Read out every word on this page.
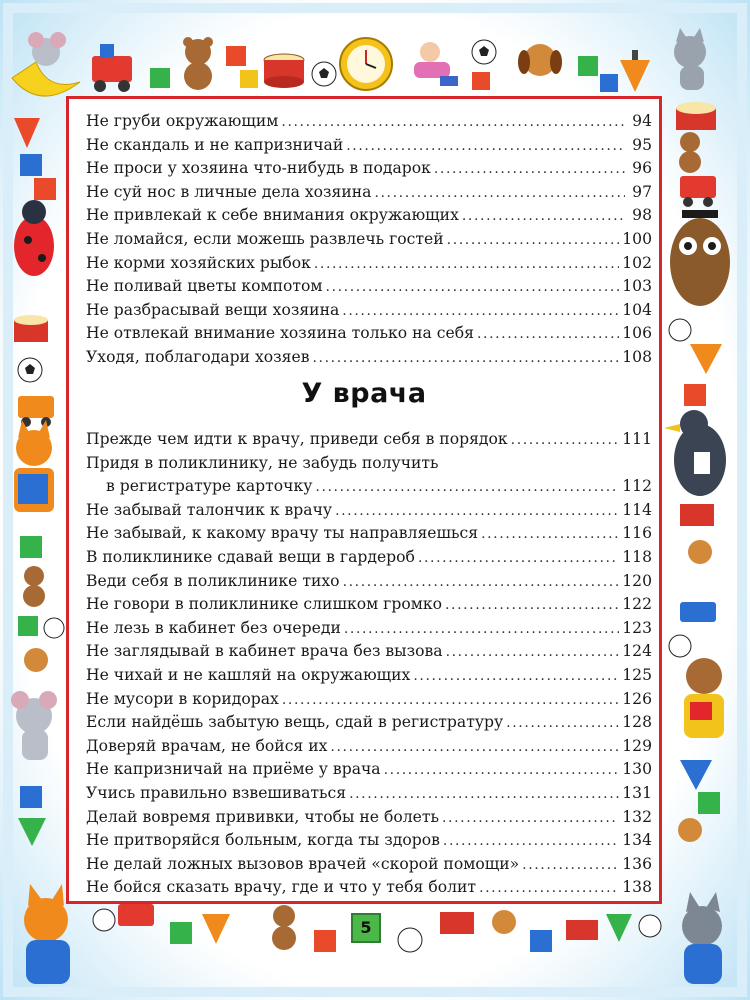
Не груби окружающим .....	94
Не скандаль и не капризничай .....	95
Не проси у хозяина что-нибудь в подарок .....	96
Не суй нос в личные дела хозяина .....	97
Не привлекай к себе внимания окружающих .....	98
Не ломайся, если можешь развлечь гостей .....	100
Не корми хозяйских рыбок .....	102
Не поливай цветы компотом .....	103
Не разбрасывай вещи хозяина .....	104
Не отвлекай внимание хозяина только на себя .....	106
Уходя, поблагодари хозяев .....	108
У врача
Прежде чем идти к врачу, приведи себя в порядок .....	111
Придя в поликлинику, не забудь получить
в регистратуре карточку .....	112
Не забывай талончик к врачу .....	114
Не забывай, к какому врачу ты направляешься .....	116
В поликлинике сдавай вещи в гардероб .....	118
Веди себя в поликлинике тихо .....	120
Не говори в поликлинике слишком громко .....	122
Не лезь в кабинет без очереди .....	123
Не заглядывай в кабинет врача без вызова .....	124
Не чихай и не кашляй на окружающих .....	125
Не мусори в коридорах .....	126
Если найдёшь забытую вещь, сдай в регистратуру .....	128
Доверяй врачам, не бойся их .....	129
Не капризничай на приёме у врача .....	130
Учись правильно взвешиваться .....	131
Делай вовремя прививки, чтобы не болеть .....	132
Не притворяйся больным, когда ты здоров .....	134
Не делай ложных вызовов врачей «скорой помощи» .....	136
Не бойся сказать врачу, где и что у тебя болит .....	138
5
